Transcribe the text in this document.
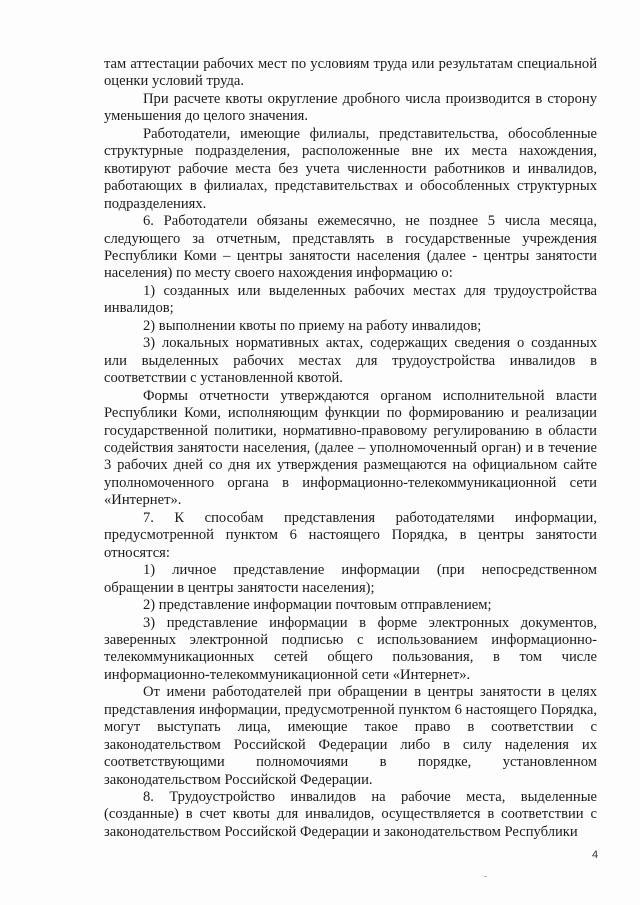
там аттестации рабочих мест по условиям труда или результатам специальной оценки условий труда.

При расчете квоты округление дробного числа производится в сторону уменьшения до целого значения.

Работодатели, имеющие филиалы, представительства, обособленные структурные подразделения, расположенные вне их места нахождения, квотируют рабочие места без учета численности работников и инвалидов, работающих в филиалах, представительствах и обособленных структурных подразделениях.

6. Работодатели обязаны ежемесячно, не позднее 5 числа месяца, следующего за отчетным, представлять в государственные учреждения Республики Коми – центры занятости населения (далее - центры занятости населения) по месту своего нахождения информацию о:

1) созданных или выделенных рабочих местах для трудоустройства инвалидов;

2) выполнении квоты по приему на работу инвалидов;

3) локальных нормативных актах, содержащих сведения о созданных или выделенных рабочих местах для трудоустройства инвалидов в соответствии с установленной квотой.

Формы отчетности утверждаются органом исполнительной власти Республики Коми, исполняющим функции по формированию и реализации государственной политики, нормативно-правовому регулированию в области содействия занятости населения, (далее – уполномоченный орган) и в течение 3 рабочих дней со дня их утверждения размещаются на официальном сайте уполномоченного органа в информационно-телекоммуникационной сети «Интернет».

7. К способам представления работодателями информации, предусмотренной пунктом 6 настоящего Порядка, в центры занятости относятся:

1) личное представление информации (при непосредственном обращении в центры занятости населения);

2) представление информации почтовым отправлением;

3) представление информации в форме электронных документов, заверенных электронной подписью с использованием информационно-телекоммуникационных сетей общего пользования, в том числе информационно-телекоммуникационной сети «Интернет».

От имени работодателей при обращении в центры занятости в целях представления информации, предусмотренной пунктом 6 настоящего Порядка, могут выступать лица, имеющие такое право в соответствии с законодательством Российской Федерации либо в силу наделения их соответствующими полномочиями в порядке, установленном законодательством Российской Федерации.

8. Трудоустройство инвалидов на рабочие места, выделенные (созданные) в счет квоты для инвалидов, осуществляется в соответствии с законодательством Российской Федерации и законодательством Республики

4
